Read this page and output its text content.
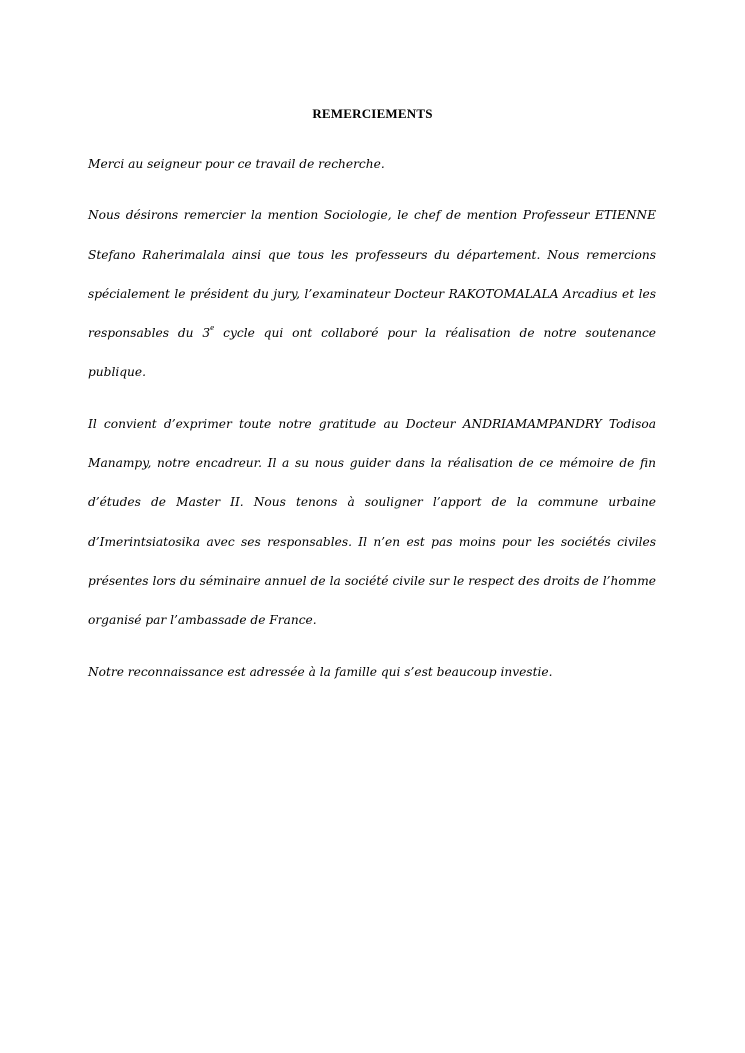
REMERCIEMENTS

Merci au seigneur pour ce travail de recherche.

Nous désirons remercier la mention Sociologie, le chef de mention Professeur ETIENNE Stefano Raherimalala ainsi que tous les professeurs du département. Nous remercions spécialement le président du jury, l’examinateur Docteur RAKOTOMALALA Arcadius et les responsables du 3e cycle qui ont collaboré pour la réalisation de notre soutenance publique.

Il convient d’exprimer toute notre gratitude au Docteur ANDRIAMAMPANDRY Todisoa Manampy, notre encadreur. Il a su nous guider dans la réalisation de ce mémoire de fin d’études de Master II. Nous tenons à souligner l’apport de la commune urbaine d’Imerintsiatosika avec ses responsables. Il n’en est pas moins pour les sociétés civiles présentes lors du séminaire annuel de la société civile sur le respect des droits de l’homme organisé par l’ambassade de France.

Notre reconnaissance est adressée à la famille qui s’est beaucoup investie.
